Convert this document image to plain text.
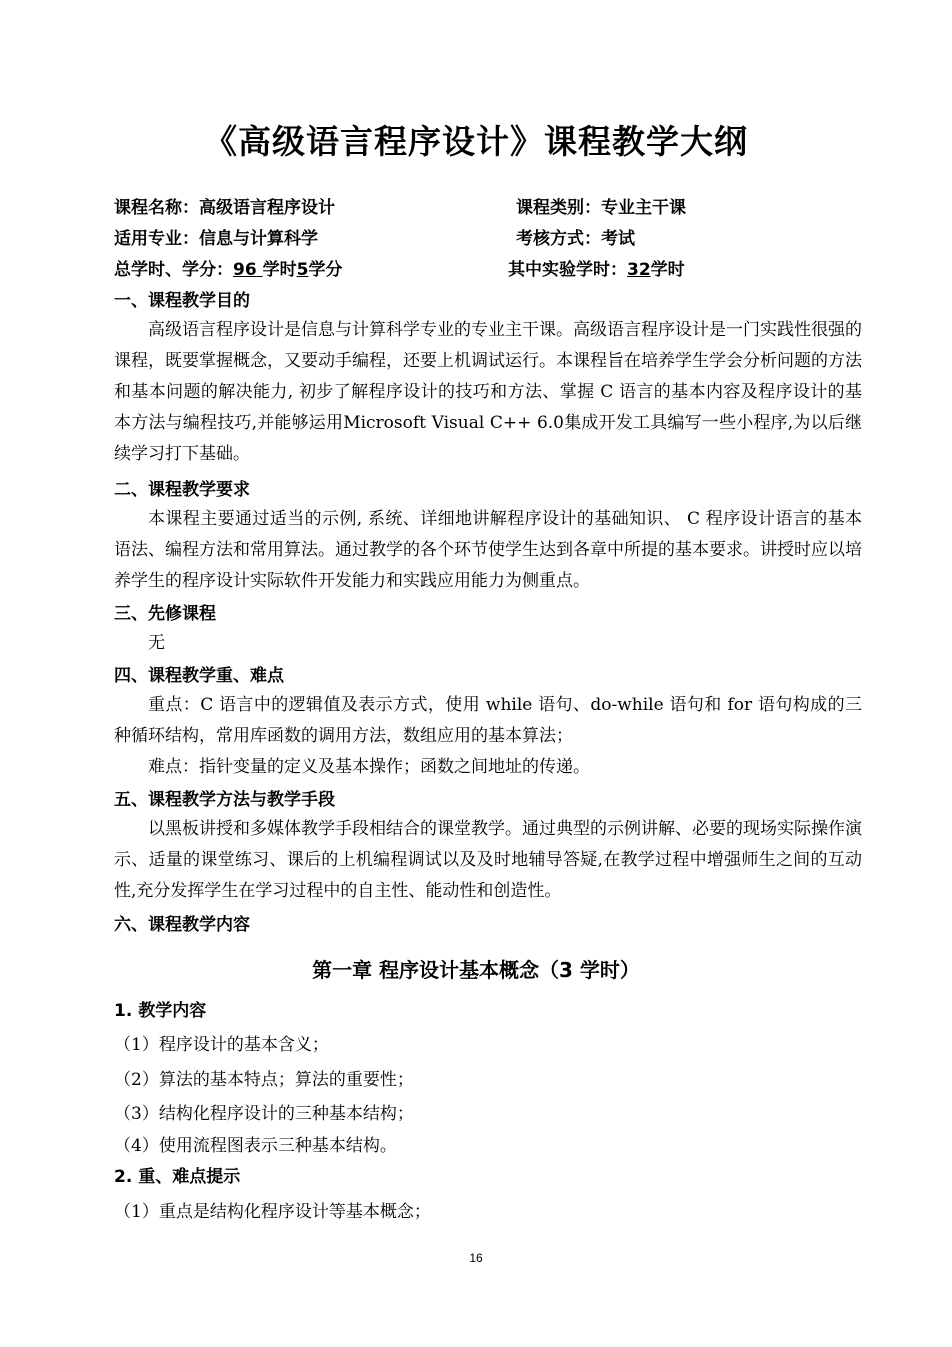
《高级语言程序设计》课程教学大纲
课程名称：高级语言程序设计	课程类别：专业主干课
适用专业：信息与计算科学	考核方式：考试
总学时、学分：96 学时5学分	其中实验学时：32学时
一、课程教学目的
高级语言程序设计是信息与计算科学专业的专业主干课。高级语言程序设计是一门实践性很强的课程，既要掌握概念，又要动手编程，还要上机调试运行。本课程旨在培养学生学会分析问题的方法和基本问题的解决能力, 初步了解程序设计的技巧和方法、掌握 C 语言的基本内容及程序设计的基本方法与编程技巧,并能够运用Microsoft Visual C++ 6.0集成开发工具编写一些小程序,为以后继续学习打下基础。
二、课程教学要求
本课程主要通过适当的示例, 系统、详细地讲解程序设计的基础知识、 C 程序设计语言的基本语法、编程方法和常用算法。通过教学的各个环节使学生达到各章中所提的基本要求。讲授时应以培养学生的程序设计实际软件开发能力和实践应用能力为侧重点。
三、先修课程
无
四、课程教学重、难点
重点：C 语言中的逻辑值及表示方式，使用 while 语句、do-while 语句和 for 语句构成的三种循环结构，常用库函数的调用方法，数组应用的基本算法；
难点：指针变量的定义及基本操作；函数之间地址的传递。
五、课程教学方法与教学手段
以黑板讲授和多媒体教学手段相结合的课堂教学。通过典型的示例讲解、必要的现场实际操作演示、适量的课堂练习、课后的上机编程调试以及及时地辅导答疑,在教学过程中增强师生之间的互动性,充分发挥学生在学习过程中的自主性、能动性和创造性。
六、课程教学内容
第一章 程序设计基本概念（3 学时）
1. 教学内容
（1）程序设计的基本含义；
（2）算法的基本特点；算法的重要性；
（3）结构化程序设计的三种基本结构；
（4）使用流程图表示三种基本结构。
2. 重、难点提示
（1）重点是结构化程序设计等基本概念；
16
